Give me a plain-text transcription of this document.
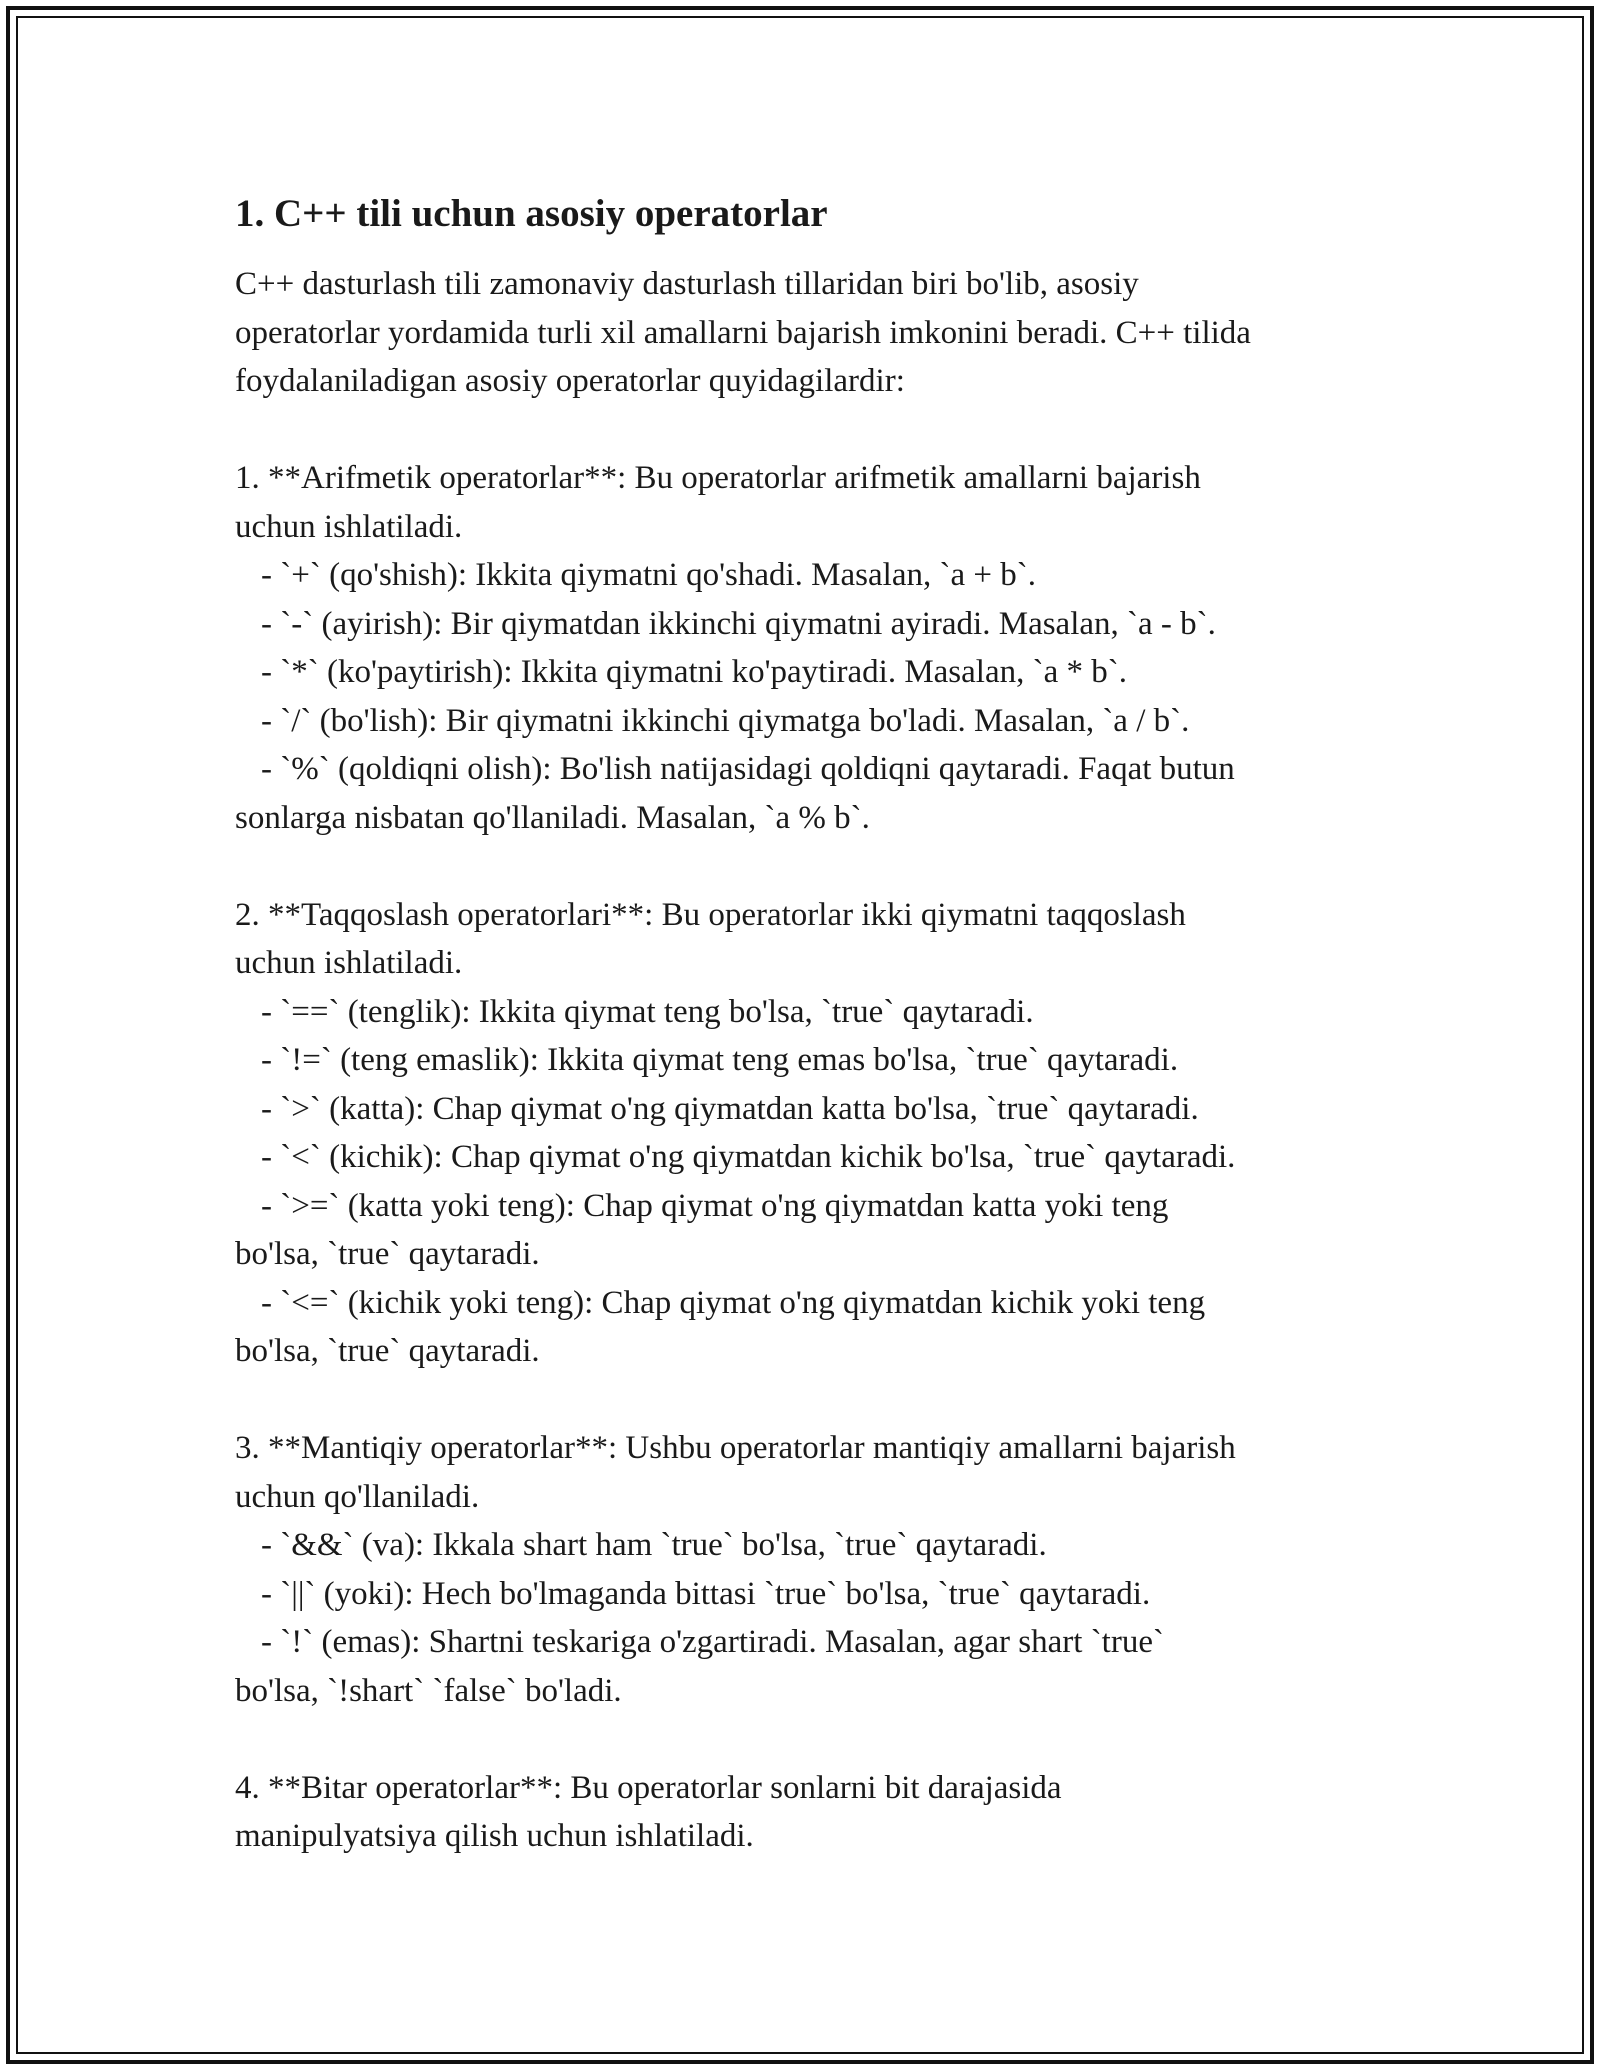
1. C++ tili uchun asosiy operatorlar
C++ dasturlash tili zamonaviy dasturlash tillaridan biri bo'lib, asosiy
operatorlar yordamida turli xil amallarni bajarish imkonini beradi. C++ tilida
foydalaniladigan asosiy operatorlar quyidagilardir:
1. **Arifmetik operatorlar**: Bu operatorlar arifmetik amallarni bajarish
uchun ishlatiladi.
- `+` (qo'shish): Ikkita qiymatni qo'shadi. Masalan, `a + b`.
- `-` (ayirish): Bir qiymatdan ikkinchi qiymatni ayiradi. Masalan, `a - b`.
- `*` (ko'paytirish): Ikkita qiymatni ko'paytiradi. Masalan, `a * b`.
- `/` (bo'lish): Bir qiymatni ikkinchi qiymatga bo'ladi. Masalan, `a / b`.
- `%` (qoldiqni olish): Bo'lish natijasidagi qoldiqni qaytaradi. Faqat butun
sonlarga nisbatan qo'llaniladi. Masalan, `a % b`.
2. **Taqqoslash operatorlari**: Bu operatorlar ikki qiymatni taqqoslash
uchun ishlatiladi.
- `==` (tenglik): Ikkita qiymat teng bo'lsa, `true` qaytaradi.
- `!=` (teng emaslik): Ikkita qiymat teng emas bo'lsa, `true` qaytaradi.
- `>` (katta): Chap qiymat o'ng qiymatdan katta bo'lsa, `true` qaytaradi.
- `<` (kichik): Chap qiymat o'ng qiymatdan kichik bo'lsa, `true` qaytaradi.
- `>=` (katta yoki teng): Chap qiymat o'ng qiymatdan katta yoki teng
bo'lsa, `true` qaytaradi.
- `<=` (kichik yoki teng): Chap qiymat o'ng qiymatdan kichik yoki teng
bo'lsa, `true` qaytaradi.
3. **Mantiqiy operatorlar**: Ushbu operatorlar mantiqiy amallarni bajarish
uchun qo'llaniladi.
- `&&` (va): Ikkala shart ham `true` bo'lsa, `true` qaytaradi.
- `||` (yoki): Hech bo'lmaganda bittasi `true` bo'lsa, `true` qaytaradi.
- `!` (emas): Shartni teskariga o'zgartiradi. Masalan, agar shart `true`
bo'lsa, `!shart` `false` bo'ladi.
4. **Bitar operatorlar**: Bu operatorlar sonlarni bit darajasida
manipulyatsiya qilish uchun ishlatiladi.
